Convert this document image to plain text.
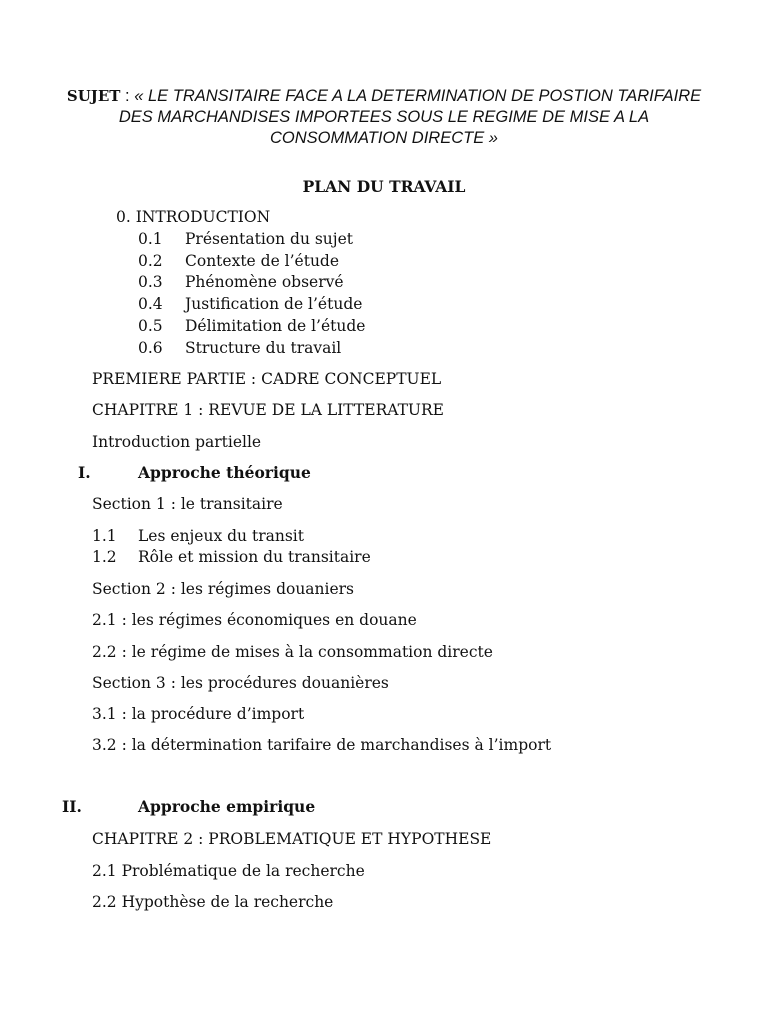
SUJET : « LE TRANSITAIRE FACE A LA DETERMINATION DE POSTION TARIFAIRE DES MARCHANDISES IMPORTEES SOUS LE REGIME DE MISE A LA CONSOMMATION DIRECTE »
PLAN DU TRAVAIL
0. INTRODUCTION
0.1 Présentation du sujet
0.2 Contexte de l’étude
0.3 Phénomène observé
0.4 Justification de l’étude
0.5 Délimitation de l’étude
0.6 Structure du travail
PREMIERE PARTIE : CADRE CONCEPTUEL
CHAPITRE 1 : REVUE DE LA LITTERATURE
Introduction partielle
I.	Approche théorique
Section 1 : le transitaire
1.1 Les enjeux du transit
1.2 Rôle et mission du transitaire
Section 2 : les régimes douaniers
2.1 : les régimes économiques en douane
2.2 : le régime de mises à la consommation directe
Section 3 : les procédures douanières
3.1 : la procédure d’import
3.2 : la détermination tarifaire de marchandises à l’import
II.	Approche empirique
CHAPITRE 2 : PROBLEMATIQUE ET HYPOTHESE
2.1 Problématique de la recherche
2.2 Hypothèse de la recherche
